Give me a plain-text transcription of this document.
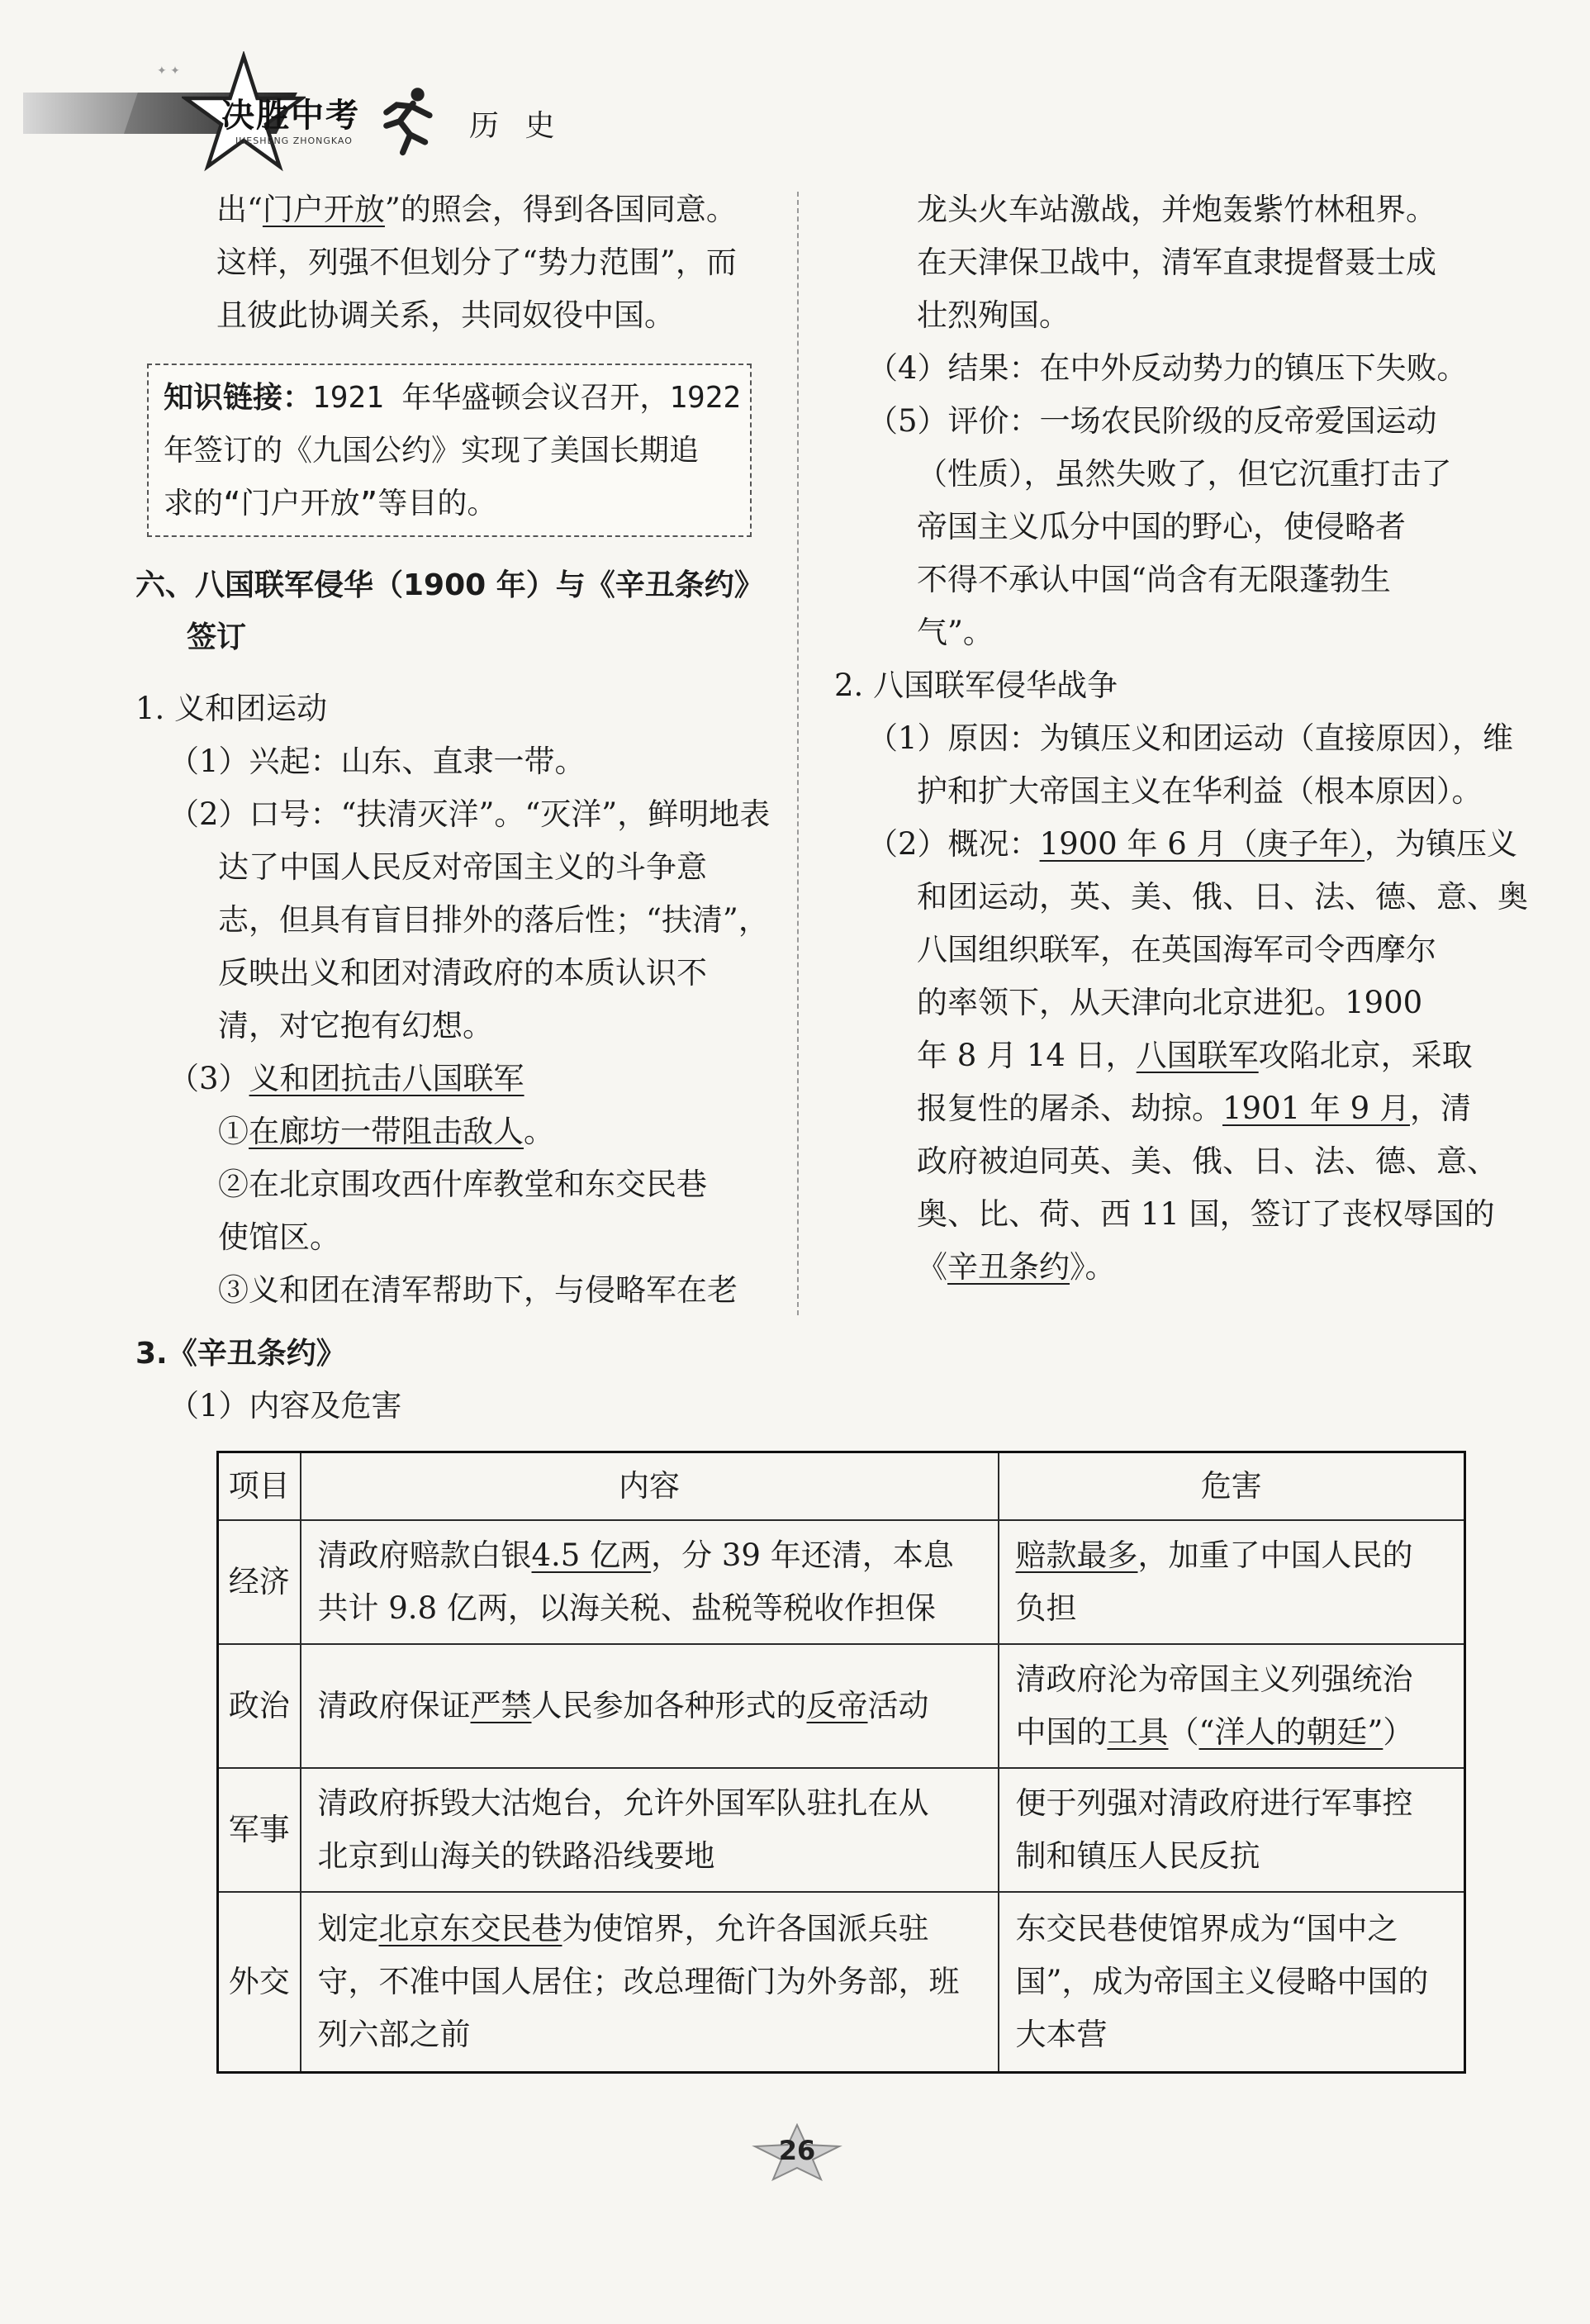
✦ ✦
决胜中考
JUESHENG ZHONGKAO	历 史
出“门户开放”的照会，得到各国同意。
这样，列强不但划分了“势力范围”，而
且彼此协调关系，共同奴役中国。
知识链接：1921 年华盛顿会议召开，1922
年签订的《九国公约》实现了美国长期追
求的“门户开放”等目的。
六、八国联军侵华（1900 年）与《辛丑条约》
签订
1. 义和团运动
（1）兴起：山东、直隶一带。
（2）口号：“扶清灭洋”。“灭洋”，鲜明地表
达了中国人民反对帝国主义的斗争意
志，但具有盲目排外的落后性；“扶清”，
反映出义和团对清政府的本质认识不
清，对它抱有幻想。
（3）义和团抗击八国联军
①在廊坊一带阻击敌人。
②在北京围攻西什库教堂和东交民巷
使馆区。
③义和团在清军帮助下，与侵略军在老
龙头火车站激战，并炮轰紫竹林租界。
在天津保卫战中，清军直隶提督聂士成
壮烈殉国。
（4）结果：在中外反动势力的镇压下失败。
（5）评价：一场农民阶级的反帝爱国运动
（性质），虽然失败了，但它沉重打击了
帝国主义瓜分中国的野心，使侵略者
不得不承认中国“尚含有无限蓬勃生
气”。
2. 八国联军侵华战争
（1）原因：为镇压义和团运动（直接原因），维
护和扩大帝国主义在华利益（根本原因）。
（2）概况：1900 年 6 月（庚子年），为镇压义
和团运动，英、美、俄、日、法、德、意、奥
八国组织联军，在英国海军司令西摩尔
的率领下，从天津向北京进犯。1900
年 8 月 14 日，八国联军攻陷北京，采取
报复性的屠杀、劫掠。1901 年 9 月，清
政府被迫同英、美、俄、日、法、德、意、
奥、比、荷、西 11 国，签订了丧权辱国的
《辛丑条约》。
3.《辛丑条约》
（1）内容及危害
项目	内容	危害
经济	清政府赔款白银4.5 亿两，分 39 年还清，本息
共计 9.8 亿两，以海关税、盐税等税收作担保	赔款最多，加重了中国人民的
负担
政治	清政府保证严禁人民参加各种形式的反帝活动	清政府沦为帝国主义列强统治
中国的工具（“洋人的朝廷”）
军事	清政府拆毁大沽炮台，允许外国军队驻扎在从
北京到山海关的铁路沿线要地	便于列强对清政府进行军事控
制和镇压人民反抗
外交	划定北京东交民巷为使馆界，允许各国派兵驻
守，不准中国人居住；改总理衙门为外务部，班
列六部之前	东交民巷使馆界成为“国中之
国”，成为帝国主义侵略中国的
大本营
26
